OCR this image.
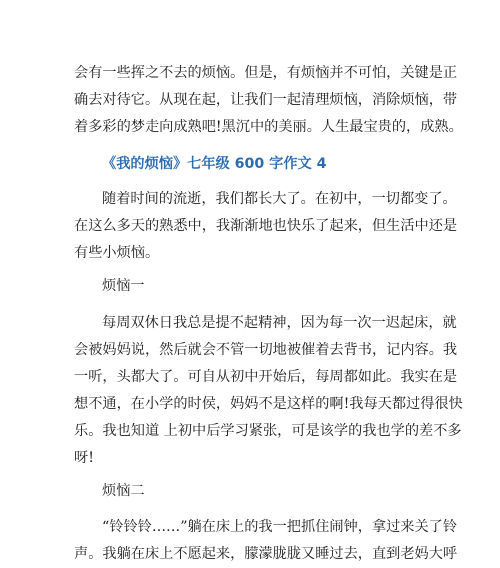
会有一些挥之不去的烦恼。但是，有烦恼并不可怕，关键是正
确去对待它。从现在起，让我们一起清理烦恼，消除烦恼，带
着多彩的梦走向成熟吧!黑沉中的美丽。人生最宝贵的，成熟。

《我的烦恼》七年级 600 字作文 4

随着时间的流逝，我们都长大了。在初中，一切都变了。
在这么多天的熟悉中，我渐渐地也快乐了起来，但生活中还是
有些小烦恼。

烦恼一

每周双休日我总是提不起精神，因为每一次一迟起床，就
会被妈妈说，然后就会不管一切地被催着去背书，记内容。我
一听，头都大了。可自从初中开始后，每周都如此。我实在是
想不通，在小学的时侯，妈妈不是这样的啊!我每天都过得很快
乐。我也知道 上初中后学习紧张，可是该学的我也学的差不多
呀!

烦恼二

“铃铃铃……”躺在床上的我一把抓住闹钟，拿过来关了铃
声。我躺在床上不愿起来，朦濛胧胧又睡过去，直到老妈大呼
